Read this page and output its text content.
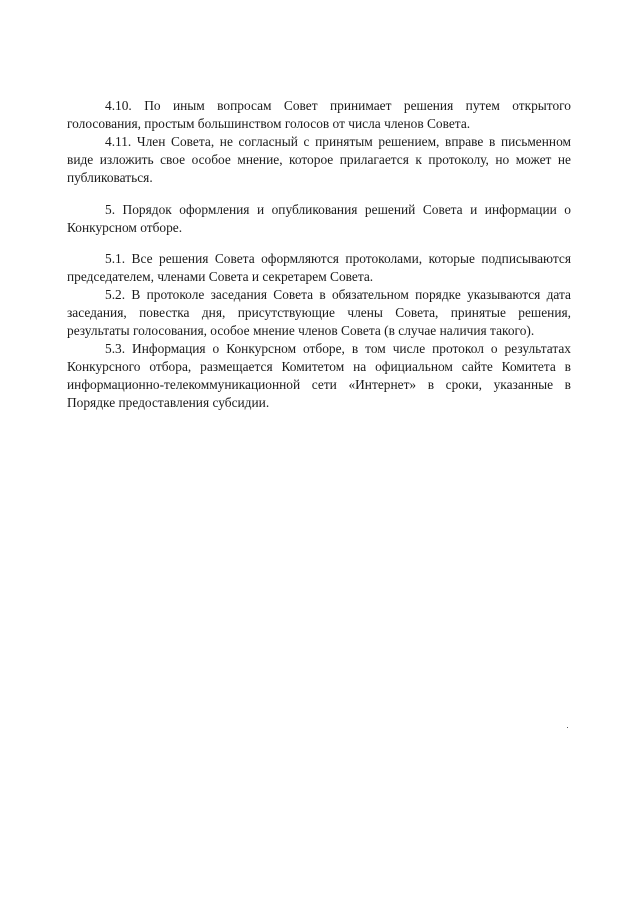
4.10. По иным вопросам Совет принимает решения путем открытого голосования, простым большинством голосов от числа членов Совета.

4.11. Член Совета, не согласный с принятым решением, вправе в письменном виде изложить свое особое мнение, которое прилагается к протоколу, но может не публиковаться.

5. Порядок оформления и опубликования решений Совета и информации о Конкурсном отборе.

5.1. Все решения Совета оформляются протоколами, которые подписываются председателем, членами Совета и секретарем Совета.

5.2. В протоколе заседания Совета в обязательном порядке указываются дата заседания, повестка дня, присутствующие члены Совета, принятые решения, результаты голосования, особое мнение членов Совета (в случае наличия такого).

5.3. Информация о Конкурсном отборе, в том числе протокол о результатах Конкурсного отбора, размещается Комитетом на официальном сайте Комитета в информационно-телекоммуникационной сети «Интернет» в сроки, указанные в Порядке предоставления субсидии.
